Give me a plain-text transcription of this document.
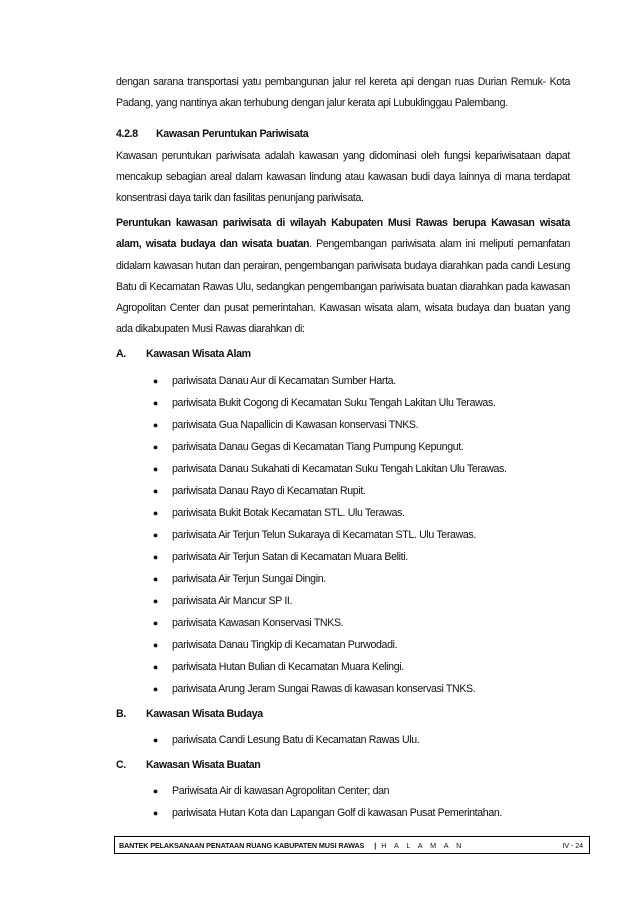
dengan sarana transportasi yatu pembangunan jalur rel kereta api dengan ruas Durian Remuk- Kota
Padang, yang nantinya akan terhubung dengan jalur kerata api Lubuklinggau Palembang.

4.2.8	Kawasan Peruntukan Pariwisata

Kawasan peruntukan pariwisata adalah kawasan yang didominasi oleh fungsi kepariwisataan dapat mencakup sebagian areal dalam kawasan lindung atau kawasan budi daya lainnya di mana terdapat konsentrasi daya tarik dan fasilitas penunjang pariwisata.

Peruntukan kawasan pariwisata di wilayah Kabupaten Musi Rawas berupa Kawasan wisata alam, wisata budaya dan wisata buatan. Pengembangan pariwisata alam ini meliputi pemanfatan didalam kawasan hutan dan perairan, pengembangan pariwisata budaya diarahkan pada candi Lesung Batu di Kecamatan Rawas Ulu, sedangkan pengembangan pariwisata buatan diarahkan pada kawasan Agropolitan Center dan pusat pemerintahan. Kawasan wisata alam, wisata budaya dan buatan yang ada dikabupaten Musi Rawas diarahkan di:

A.	Kawasan Wisata Alam

●	pariwisata Danau Aur di Kecamatan Sumber Harta.
●	pariwisata Bukit Cogong di Kecamatan Suku Tengah Lakitan Ulu Terawas.
●	pariwisata Gua Napallicin di Kawasan konservasi TNKS.
●	pariwisata Danau Gegas di Kecamatan Tiang Pumpung Kepungut.
●	pariwisata Danau Sukahati di Kecamatan Suku Tengah Lakitan Ulu Terawas.
●	pariwisata Danau Rayo di Kecamatan Rupit.
●	pariwisata Bukit Botak Kecamatan STL. Ulu Terawas.
●	pariwisata Air Terjun Telun Sukaraya di Kecamatan STL. Ulu Terawas.
●	pariwisata Air Terjun Satan di Kecamatan Muara Beliti.
●	pariwisata Air Terjun Sungai Dingin.
●	pariwisata Air Mancur SP II.
●	pariwisata Kawasan Konservasi TNKS.
●	pariwisata Danau Tingkip di Kecamatan Purwodadi.
●	pariwisata Hutan Bulian di Kecamatan Muara Kelingi.
●	pariwisata Arung Jeram Sungai Rawas di kawasan konservasi TNKS.

B.	Kawasan Wisata Budaya

●	pariwisata Candi Lesung Batu di Kecamatan Rawas Ulu.

C.	Kawasan Wisata Buatan

●	Pariwisata Air di kawasan Agropolitan Center; dan
●	pariwisata Hutan Kota dan Lapangan Golf di kawasan Pusat Pemerintahan.
BANTEK PELAKSANAAN PENATAAN RUANG KABUPATEN MUSI RAWAS | H A L A M A N	IV - 24
